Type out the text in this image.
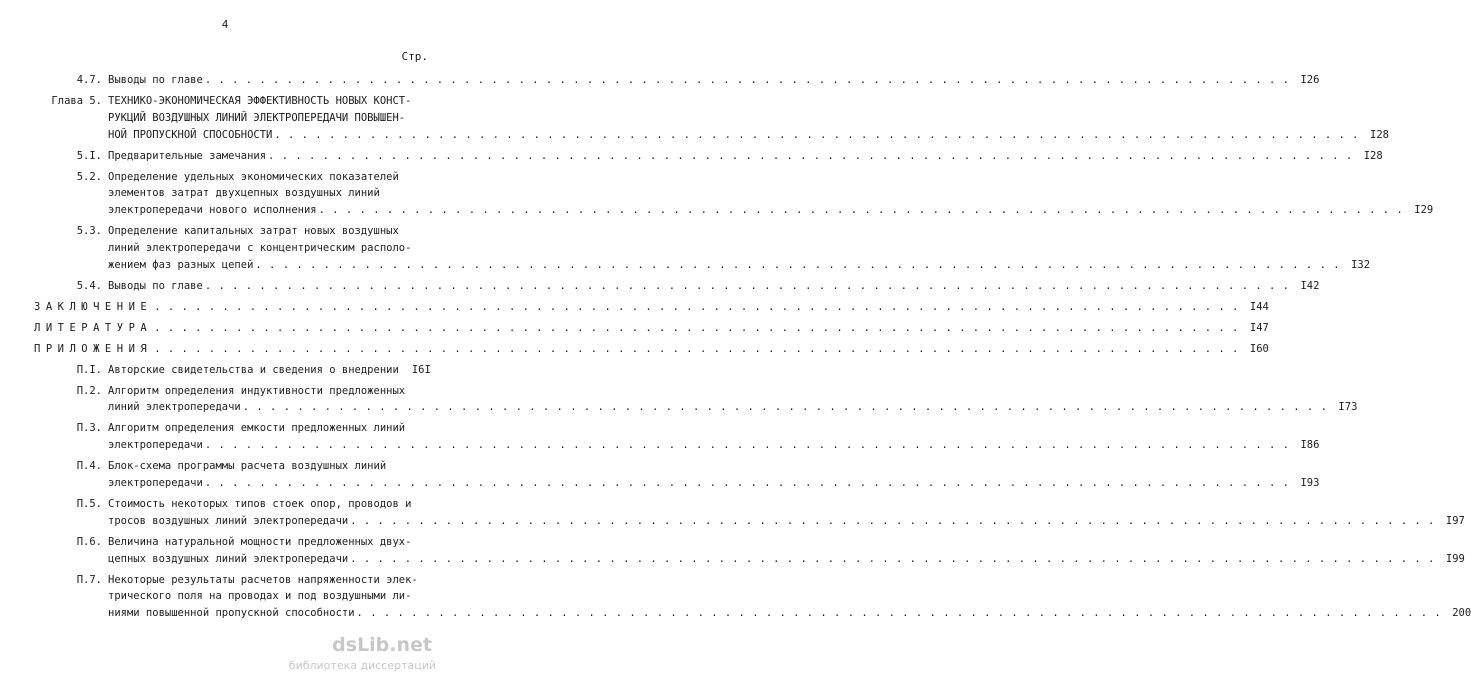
4
Стр.
4.7. Выводы по главе . . . . . . . . . . . . . . . . . . . . . . . . . . . . . . . . . . . . . . . . . . . . . . . . . . . . . . . . . . . . . . . . . . . . . . . . . . . . . . . .	I26
Глава 5. ТЕХНИКО-ЭКОНОМИЧЕСКАЯ ЭФФЕКТИВНОСТЬ НОВЫХ КОНСТ-
РУКЦИЙ ВОЗДУШНЫХ ЛИНИЙ ЭЛЕКТРОПЕРЕДАЧИ ПОВЫШЕН-
НОЙ ПРОПУСКНОЙ СПОСОБНОСТИ . . . . . . . . . . . . . . . . . . . . . . . . . . . . . . . . . . . . . . . . . . . . . . . . . . . . . . . . . . . . . . . . . . . . . . . . . . . . . . . .	I28
5.I. Предварительные замечания . . . . . . . . . . . . . . . . . . . . . . . . . . . . . . . . . . . . . . . . . . . . . . . . . . . . . . . . . . . . . . . . . . . . . . . . . . . . . . . .	I28
5.2. Определение удельных экономических показателей
элементов затрат двухцепных воздушных линий
электропередачи нового исполнения . . . . . . . . . . . . . . . . . . . . . . . . . . . . . . . . . . . . . . . . . . . . . . . . . . . . . . . . . . . . . . . . . . . . . . . . . . . . . . . .	I29
5.3. Определение капитальных затрат новых воздушных
линий электропередачи с концентрическим располо-
жением фаз разных цепей . . . . . . . . . . . . . . . . . . . . . . . . . . . . . . . . . . . . . . . . . . . . . . . . . . . . . . . . . . . . . . . . . . . . . . . . . . . . . . . .	I32
5.4. Выводы по главе . . . . . . . . . . . . . . . . . . . . . . . . . . . . . . . . . . . . . . . . . . . . . . . . . . . . . . . . . . . . . . . . . . . . . . . . . . . . . . . .	I42
ЗАКЛЮЧЕНИЕ . . . . . . . . . . . . . . . . . . . . . . . . . . . . . . . . . . . . . . . . . . . . . . . . . . . . . . . . . . . . . . . . . . . . . . . . . . . . . . . .	I44
ЛИТЕРАТУРА . . . . . . . . . . . . . . . . . . . . . . . . . . . . . . . . . . . . . . . . . . . . . . . . . . . . . . . . . . . . . . . . . . . . . . . . . . . . . . . .	I47
ПРИЛОЖЕНИЯ . . . . . . . . . . . . . . . . . . . . . . . . . . . . . . . . . . . . . . . . . . . . . . . . . . . . . . . . . . . . . . . . . . . . . . . . . . . . . . . .	I60
П.I. Авторские свидетельства и сведения о внедрении	I6I
П.2. Алгоритм определения индуктивности предложенных
линий электропередачи . . . . . . . . . . . . . . . . . . . . . . . . . . . . . . . . . . . . . . . . . . . . . . . . . . . . . . . . . . . . . . . . . . . . . . . . . . . . . . . .	I73
П.З. Алгоритм определения емкости предложенных линий
электропередачи . . . . . . . . . . . . . . . . . . . . . . . . . . . . . . . . . . . . . . . . . . . . . . . . . . . . . . . . . . . . . . . . . . . . . . . . . . . . . . . .	I86
П.4. Блок-схема программы расчета воздушных линий
электропередачи . . . . . . . . . . . . . . . . . . . . . . . . . . . . . . . . . . . . . . . . . . . . . . . . . . . . . . . . . . . . . . . . . . . . . . . . . . . . . . . .	I93
П.5. Стоимость некоторых типов стоек опор, проводов и
тросов воздушных линий электропередачи . . . . . . . . . . . . . . . . . . . . . . . . . . . . . . . . . . . . . . . . . . . . . . . . . . . . . . . . . . . . . . . . . . . . . . . . . . . . . . . .	I97
П.6. Величина натуральной мощности предложенных двух-
цепных воздушных линий электропередачи . . . . . . . . . . . . . . . . . . . . . . . . . . . . . . . . . . . . . . . . . . . . . . . . . . . . . . . . . . . . . . . . . . . . . . . . . . . . . . . .	I99
П.7. Некоторые результаты расчетов напряженности элек-
трического поля на проводах и под воздушными ли-
ниями повышенной пропускной способности . . . . . . . . . . . . . . . . . . . . . . . . . . . . . . . . . . . . . . . . . . . . . . . . . . . . . . . . . . . . . . . . . . . . . . . . . . . . . . . .	200
dsLib.net
библиотека диссертаций
